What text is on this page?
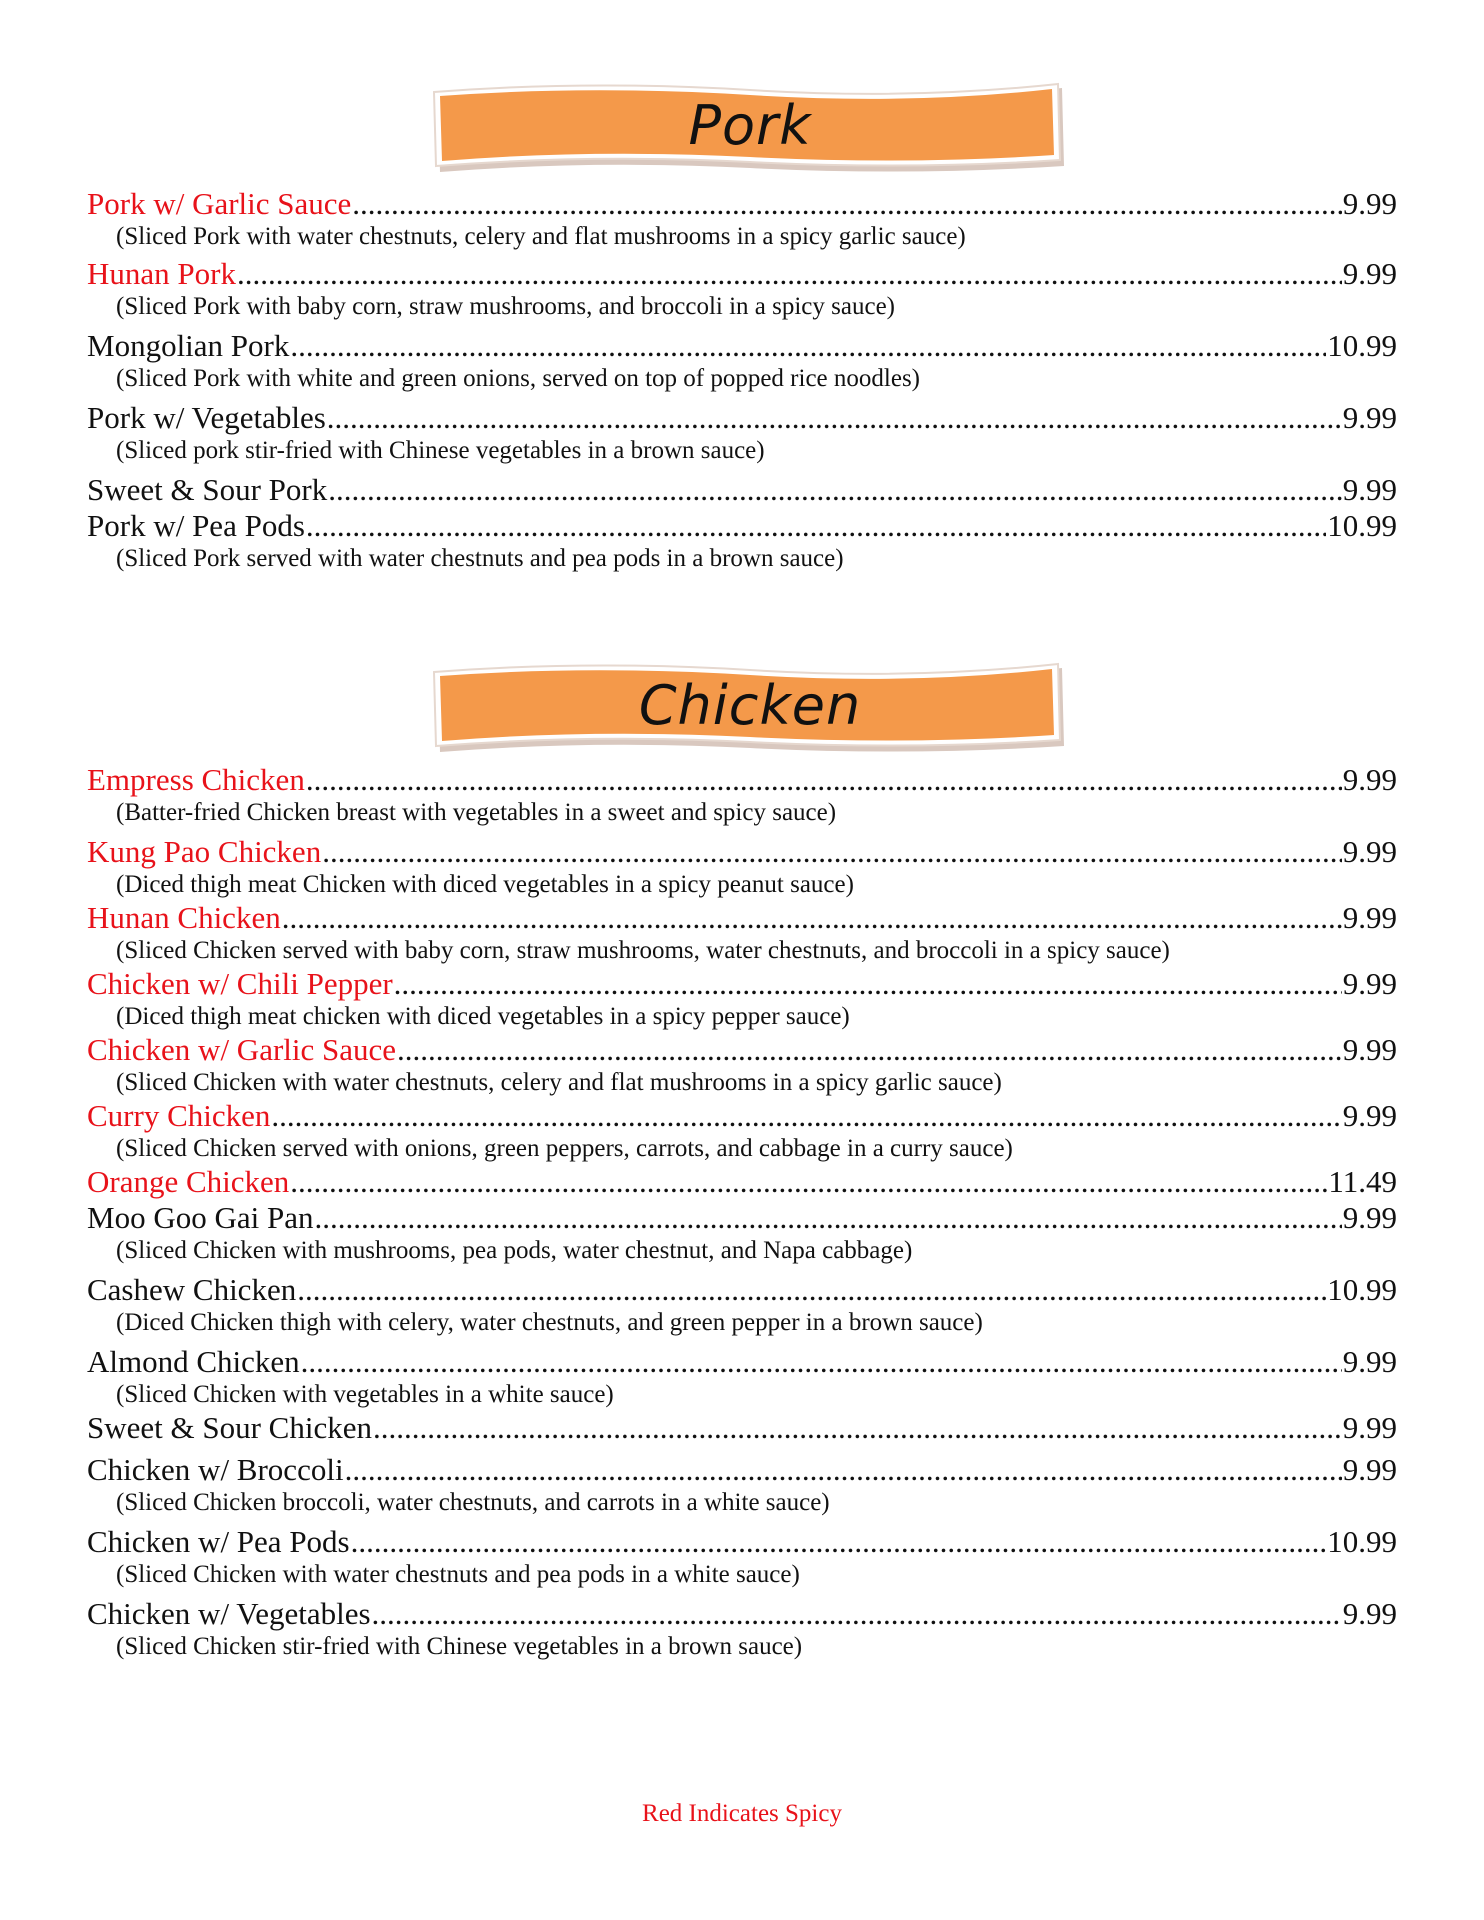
Pork
Pork w/ Garlic Sauce .....	9.99
(Sliced Pork with water chestnuts, celery and flat mushrooms in a spicy garlic sauce)
Hunan Pork .....	9.99
(Sliced Pork with baby corn, straw mushrooms, and broccoli in a spicy sauce)
Mongolian Pork .....	10.99
(Sliced Pork with white and green onions, served on top of popped rice noodles)
Pork w/ Vegetables .....	9.99
(Sliced pork stir-fried with Chinese vegetables in a brown sauce)
Sweet & Sour Pork .....	9.99
Pork w/ Pea Pods .....	10.99
(Sliced Pork served with water chestnuts and pea pods in a brown sauce)
Chicken
Empress Chicken .....	9.99
(Batter-fried Chicken breast with vegetables in a sweet and spicy sauce)
Kung Pao Chicken .....	9.99
(Diced thigh meat Chicken with diced vegetables in a spicy peanut sauce)
Hunan Chicken .....	9.99
(Sliced Chicken served with baby corn, straw mushrooms, water chestnuts, and broccoli in a spicy sauce)
Chicken w/ Chili Pepper .....	9.99
(Diced thigh meat chicken with diced vegetables in a spicy pepper sauce)
Chicken w/ Garlic Sauce .....	9.99
(Sliced Chicken with water chestnuts, celery and flat mushrooms in a spicy garlic sauce)
Curry Chicken .....	9.99
(Sliced Chicken served with onions, green peppers, carrots, and cabbage in a curry sauce)
Orange Chicken .....	11.49
Moo Goo Gai Pan .....	9.99
(Sliced Chicken with mushrooms, pea pods, water chestnut, and Napa cabbage)
Cashew Chicken .....	10.99
(Diced Chicken thigh with celery, water chestnuts, and green pepper in a brown sauce)
Almond Chicken .....	9.99
(Sliced Chicken with vegetables in a white sauce)
Sweet & Sour Chicken .....	9.99
Chicken w/ Broccoli .....	9.99
(Sliced Chicken broccoli, water chestnuts, and carrots in a white sauce)
Chicken w/ Pea Pods .....	10.99
(Sliced Chicken with water chestnuts and pea pods in a white sauce)
Chicken w/ Vegetables .....	9.99
(Sliced Chicken stir-fried with Chinese vegetables in a brown sauce)
Red Indicates Spicy
